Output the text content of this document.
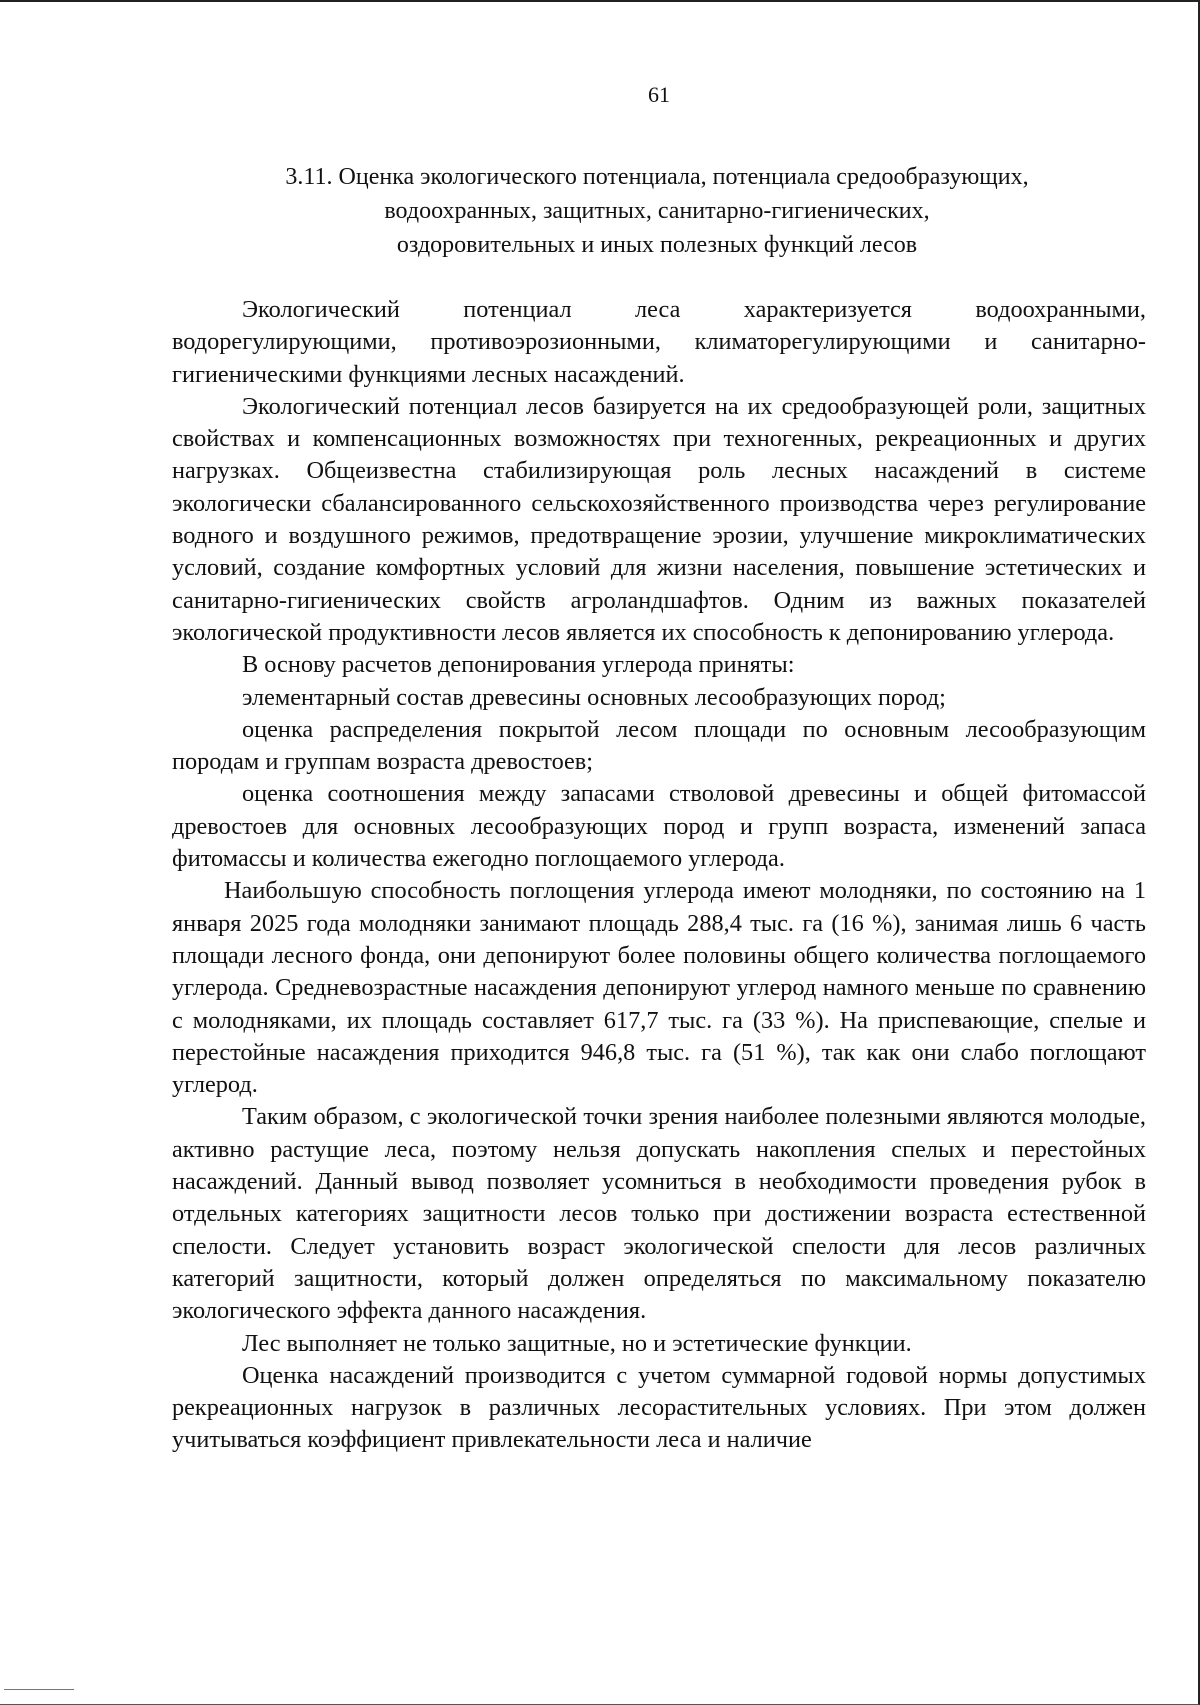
61
3.11. Оценка экологического потенциала, потенциала средообразующих,
водоохранных, защитных, санитарно-гигиенических,
оздоровительных и иных полезных функций лесов

Экологический потенциал леса характеризуется водоохранными, водорегулирующими, противоэрозионными, климаторегулирующими и санитарно-гигиеническими функциями лесных насаждений.

Экологический потенциал лесов базируется на их средообразующей роли, защитных свойствах и компенсационных возможностях при техногенных, рекреационных и других нагрузках. Общеизвестна стабилизирующая роль лесных насаждений в системе экологически сбалансированного сельскохозяйственного производства через регулирование водного и воздушного режимов, предотвращение эрозии, улучшение микроклиматических условий, создание комфортных условий для жизни населения, повышение эстетических и санитарно-гигиенических свойств агроландшафтов. Одним из важных показателей экологической продуктивности лесов является их способность к депонированию углерода.

В основу расчетов депонирования углерода приняты:

элементарный состав древесины основных лесообразующих пород;

оценка распределения покрытой лесом площади по основным лесообразующим породам и группам возраста древостоев;

оценка соотношения между запасами стволовой древесины и общей фитомассой древостоев для основных лесообразующих пород и групп возраста, изменений запаса фитомассы и количества ежегодно поглощаемого углерода.

Наибольшую способность поглощения углерода имеют молодняки, по состоянию на 1 января 2025 года молодняки занимают площадь 288,4 тыс. га (16 %), занимая лишь 6 часть площади лесного фонда, они депонируют более половины общего количества поглощаемого углерода. Средневозрастные насаждения депонируют углерод намного меньше по сравнению с молодняками, их площадь составляет 617,7 тыс. га (33 %). На приспевающие, спелые и перестойные насаждения приходится 946,8 тыс. га (51 %), так как они слабо поглощают углерод.

Таким образом, с экологической точки зрения наиболее полезными являются молодые, активно растущие леса, поэтому нельзя допускать накопления спелых и перестойных насаждений. Данный вывод позволяет усомниться в необходимости проведения рубок в отдельных категориях защитности лесов только при достижении возраста естественной спелости. Следует установить возраст экологической спелости для лесов различных категорий защитности, который должен определяться по максимальному показателю экологического эффекта данного насаждения.

Лес выполняет не только защитные, но и эстетические функции.

Оценка насаждений производится с учетом суммарной годовой нормы допустимых рекреационных нагрузок в различных лесорастительных условиях. При этом должен учитываться коэффициент привлекательности леса и наличие
